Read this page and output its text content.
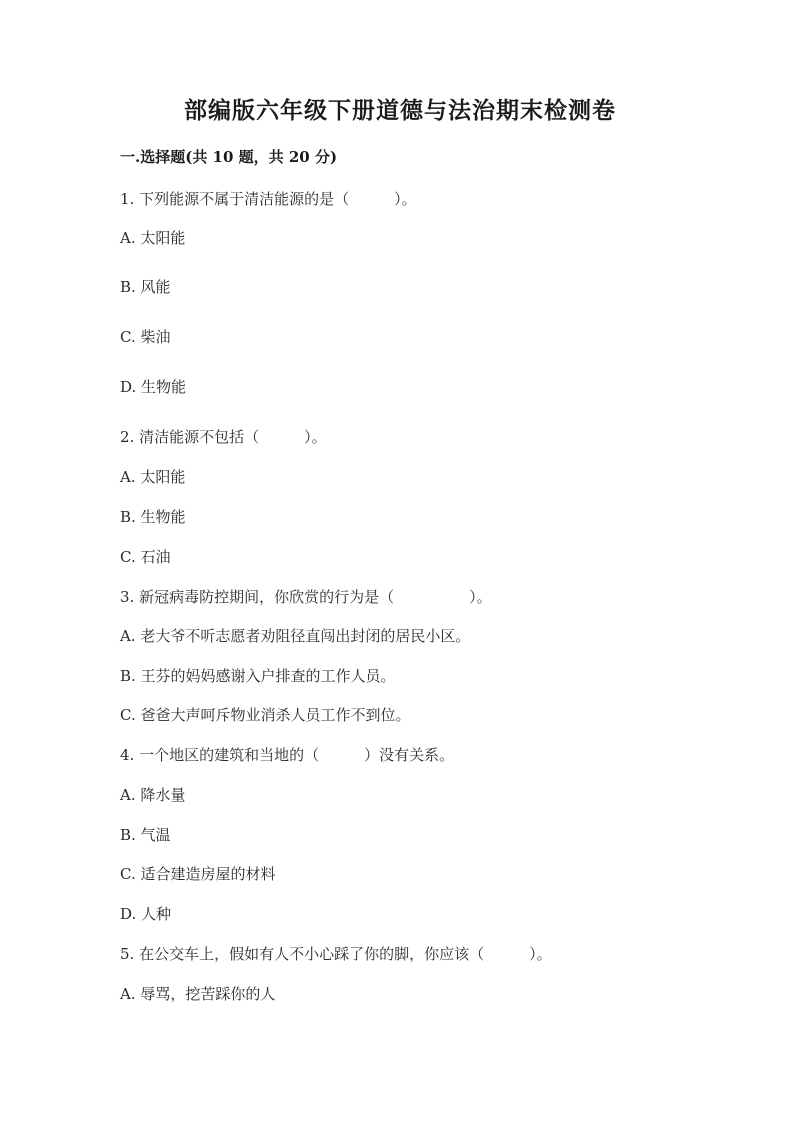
部编版六年级下册道德与法治期末检测卷
一.选择题(共 10 题，共 20 分)
1. 下列能源不属于清洁能源的是（　　　）。
A. 太阳能
B. 风能
C. 柴油
D. 生物能
2. 清洁能源不包括（　　　）。
A. 太阳能
B. 生物能
C. 石油
3. 新冠病毒防控期间，你欣赏的行为是（　　　　　）。
A. 老大爷不听志愿者劝阻径直闯出封闭的居民小区。
B. 王芬的妈妈感谢入户排查的工作人员。
C. 爸爸大声呵斥物业消杀人员工作不到位。
4. 一个地区的建筑和当地的（　　　）没有关系。
A. 降水量
B. 气温
C. 适合建造房屋的材料
D. 人种
5. 在公交车上，假如有人不小心踩了你的脚，你应该（　　　）。
A. 辱骂，挖苦踩你的人
